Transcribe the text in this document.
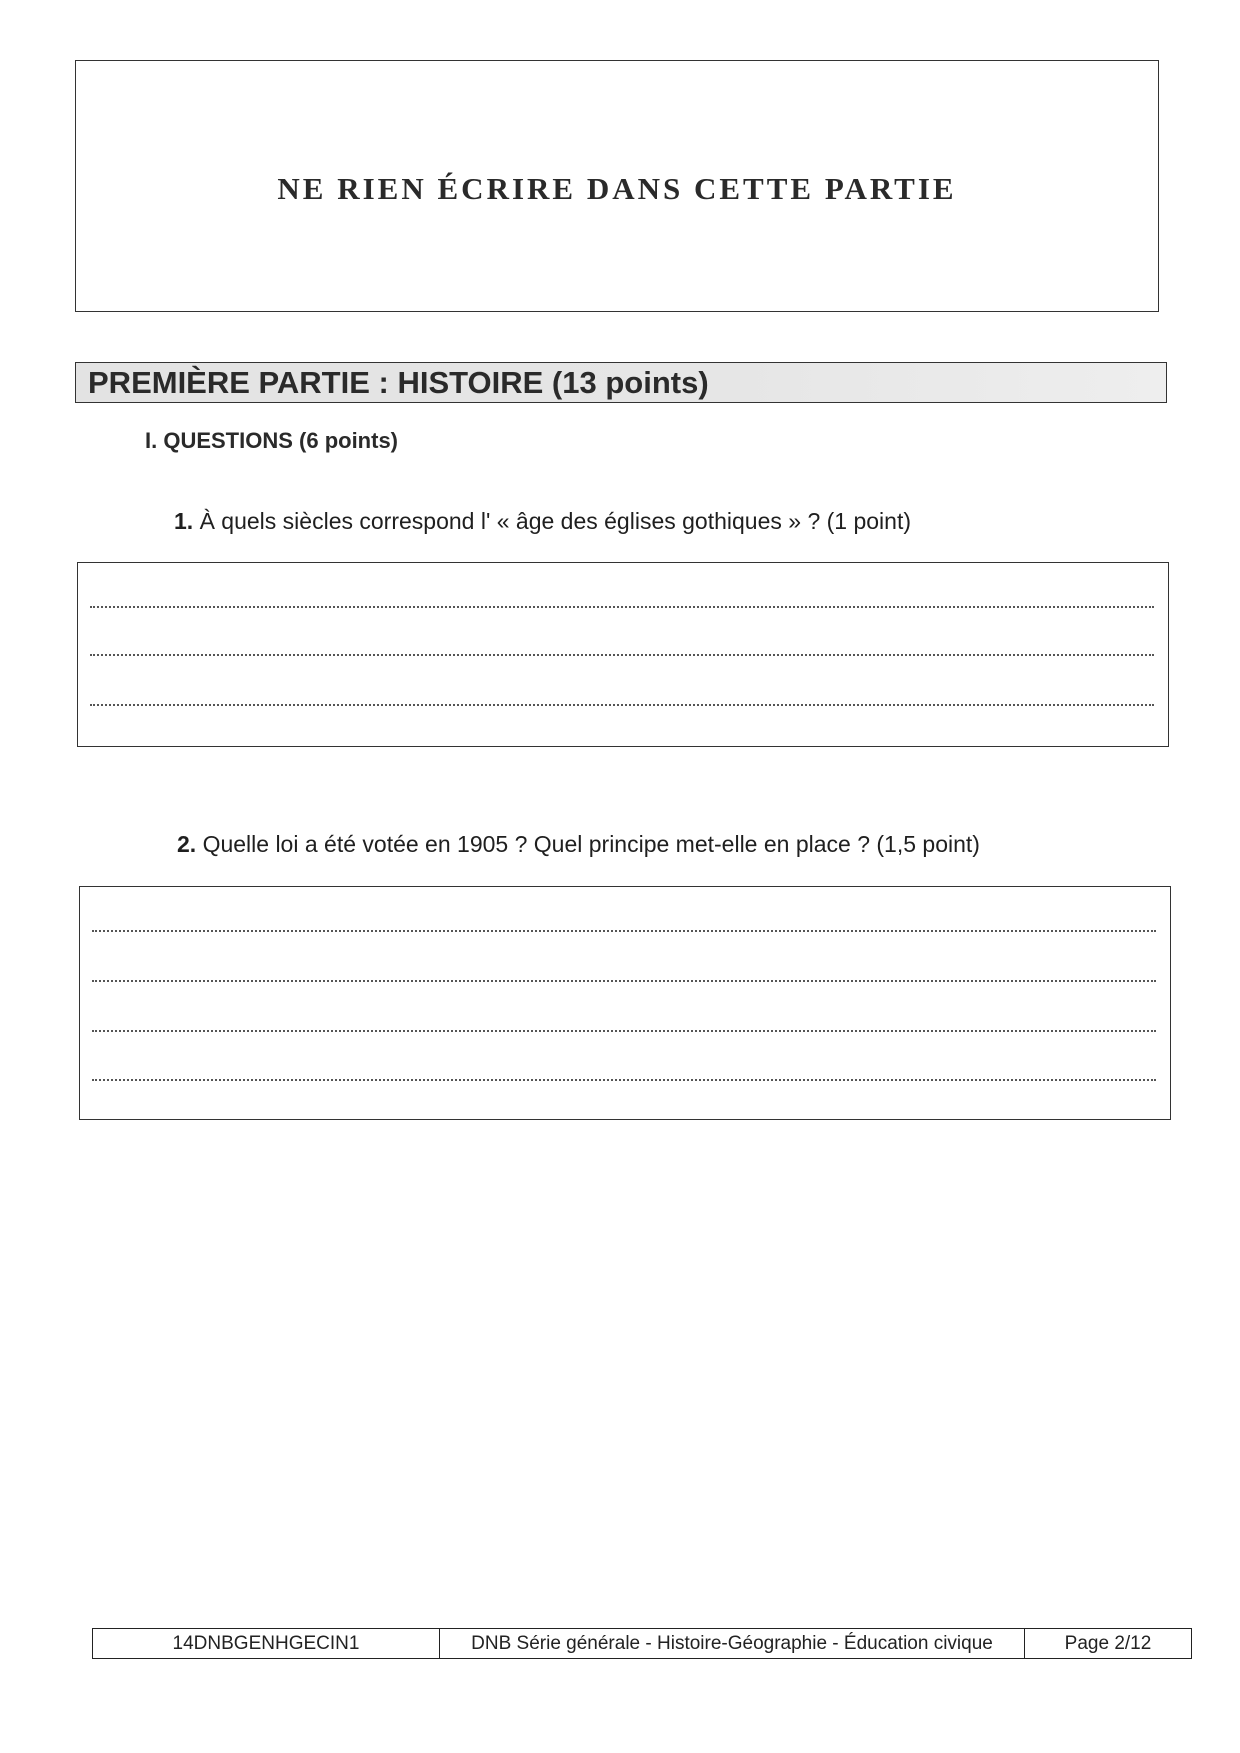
NE RIEN ÉCRIRE DANS CETTE PARTIE
PREMIÈRE PARTIE : HISTOIRE (13 points)
I. QUESTIONS (6 points)
1. À quels siècles correspond l' « âge des églises gothiques » ? (1 point)
2. Quelle loi a été votée en 1905 ? Quel principe met-elle en place ? (1,5 point)
14DNBGENHGECIN1	DNB Série générale - Histoire-Géographie - Éducation civique	Page 2/12
